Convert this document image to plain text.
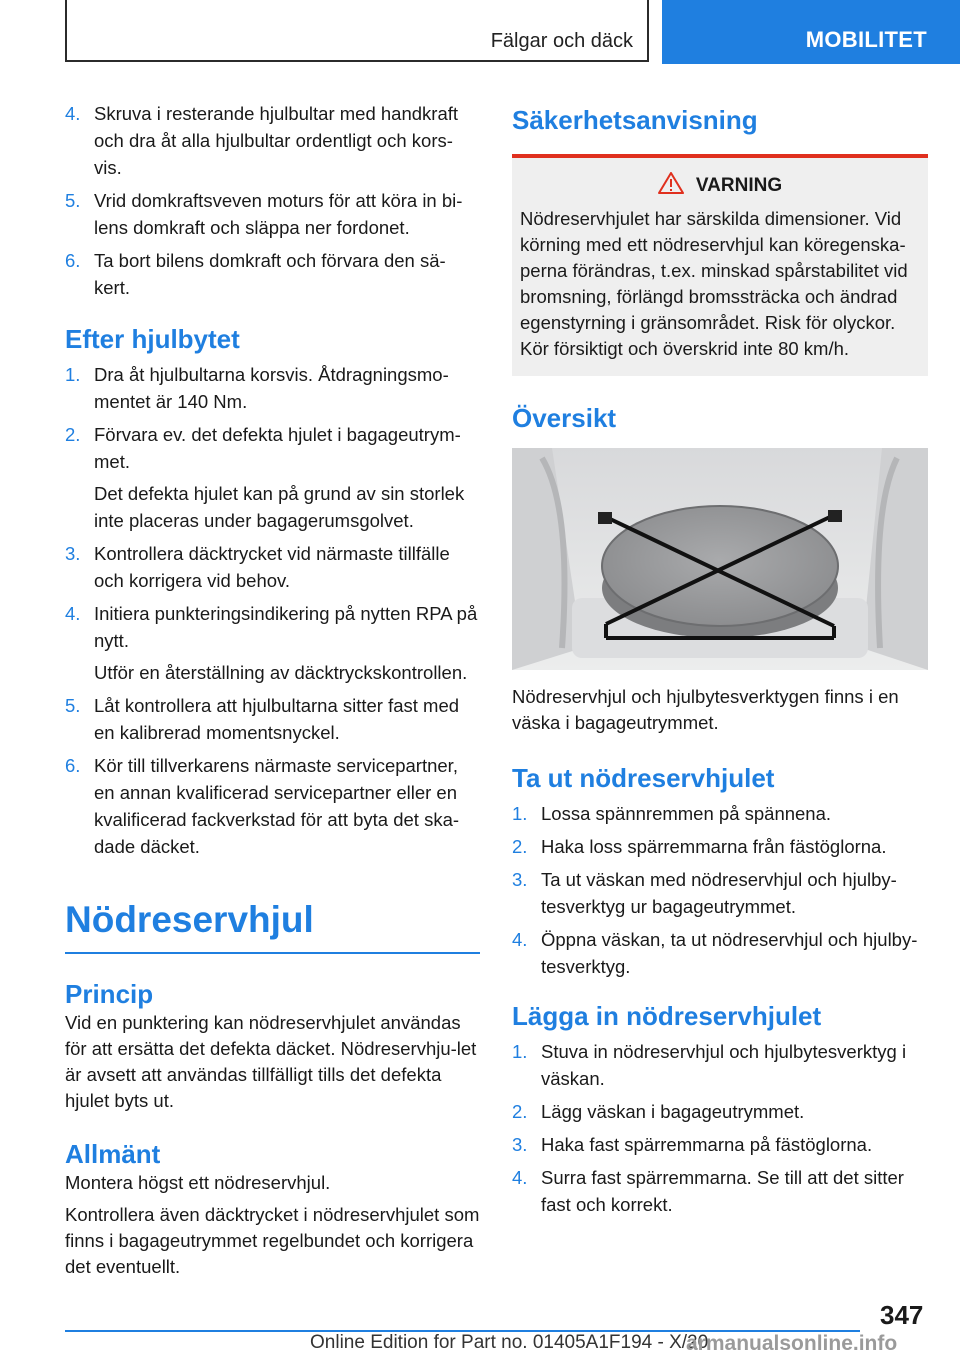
Fälgar och däck	MOBILITET
4. Skruva i resterande hjulbultar med handkraft och dra åt alla hjulbultar ordentligt och kors-vis.

5. Vrid domkraftsveven moturs för att köra in bi-lens domkraft och släppa ner fordonet.

6. Ta bort bilens domkraft och förvara den sä-kert.

Efter hjulbytet
1. Dra åt hjulbultarna korsvis. Åtdragningsmo-mentet är 140 Nm.

2. Förvara ev. det defekta hjulet i bagageutrym-met.

Det defekta hjulet kan på grund av sin storlek inte placeras under bagagerumsgolvet.

3. Kontrollera däcktrycket vid närmaste tillfälle och korrigera vid behov.

4. Initiera punkteringsindikering på nytten RPA på nytt.

Utför en återställning av däcktryckskontrollen.

5. Låt kontrollera att hjulbultarna sitter fast med en kalibrerad momentsnyckel.

6. Kör till tillverkarens närmaste servicepartner, en annan kvalificerad servicepartner eller en kvalificerad fackverkstad för att byta det ska-dade däcket.

Nödreservhjul
Princip

Vid en punktering kan nödreservhjulet användas för att ersätta det defekta däcket. Nödreservhju-let är avsett att användas tillfälligt tills det defekta hjulet byts ut.

Allmänt

Montera högst ett nödreservhjul.

Kontrollera även däcktrycket i nödreservhjulet som finns i bagageutrymmet regelbundet och korrigera det eventuellt.

Säkerhetsanvisning
VARNING

Nödreservhjulet har särskilda dimensioner. Vid körning med ett nödreservhjul kan köregenska-perna förändras, t.ex. minskad spårstabilitet vid bromsning, förlängd bromssträcka och ändrad egenstyrning i gränsområdet. Risk för olyckor. Kör försiktigt och överskrid inte 80 km/h.

Översikt

Nödreservhjul och hjulbytesverktygen finns i en väska i bagageutrymmet.

Ta ut nödreservhjulet
1. Lossa spännremmen på spännena.

2. Haka loss spärremmarna från fästöglorna.

3. Ta ut väskan med nödreservhjul och hjulby-tesverktyg ur bagageutrymmet.

4. Öppna väskan, ta ut nödreservhjul och hjulby-tesverktyg.

Lägga in nödreservhjulet
1. Stuva in nödreservhjul och hjulbytesverktyg i väskan.

2. Lägg väskan i bagageutrymmet.

3. Haka fast spärremmarna på fästöglorna.

4. Surra fast spärremmarna. Se till att det sitter fast och korrekt.

347
Online Edition for Part no. 01405A1F194 - X/20
armanualsonline.info
